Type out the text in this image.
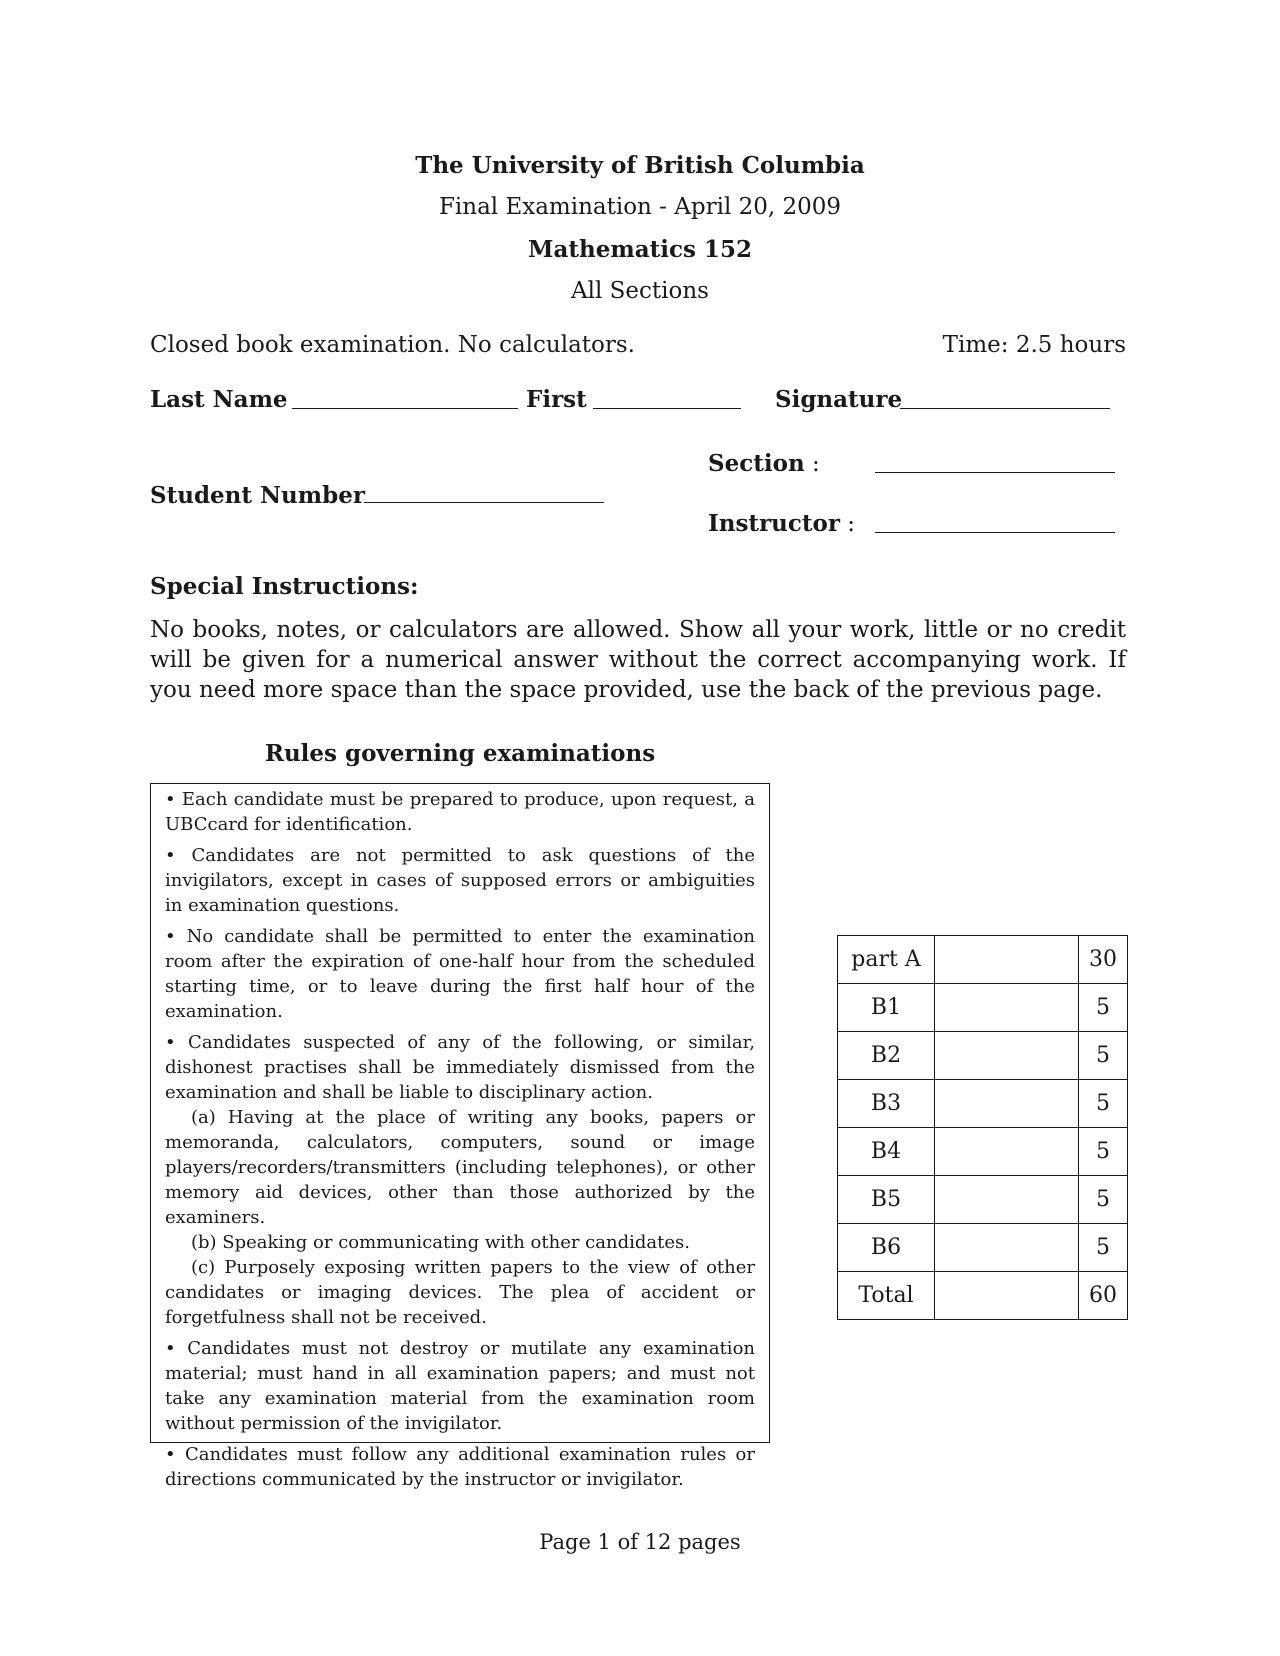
The University of British Columbia
Final Examination - April 20, 2009
Mathematics 152
All Sections
Closed book examination. No calculators.	Time: 2.5 hours
Last Name	First	Signature
Section :
Student Number
Instructor :
Special Instructions:
No books, notes, or calculators are allowed. Show all your work, little or no credit will be given for a numerical answer without the correct accompanying work. If you need more space than the space provided, use the back of the previous page.
Rules governing examinations

• Each candidate must be prepared to produce, upon request, a UBCcard for identification.

• Candidates are not permitted to ask questions of the invigilators, except in cases of supposed errors or ambiguities in examination questions.

• No candidate shall be permitted to enter the examination room after the expiration of one-half hour from the scheduled starting time, or to leave during the first half hour of the examination.

• Candidates suspected of any of the following, or similar, dishonest practises shall be immediately dismissed from the examination and shall be liable to disciplinary action.

(a) Having at the place of writing any books, papers or memoranda, calculators, computers, sound or image players/recorders/transmitters (including telephones), or other memory aid devices, other than those authorized by the examiners.

(b) Speaking or communicating with other candidates.

(c) Purposely exposing written papers to the view of other candidates or imaging devices. The plea of accident or forgetfulness shall not be received.

• Candidates must not destroy or mutilate any examination material; must hand in all examination papers; and must not take any examination material from the examination room without permission of the invigilator.

• Candidates must follow any additional examination rules or directions communicated by the instructor or invigilator.

part A		30
B1		5
B2		5
B3		5
B4		5
B5		5
B6		5
Total		60
Page 1 of 12 pages
